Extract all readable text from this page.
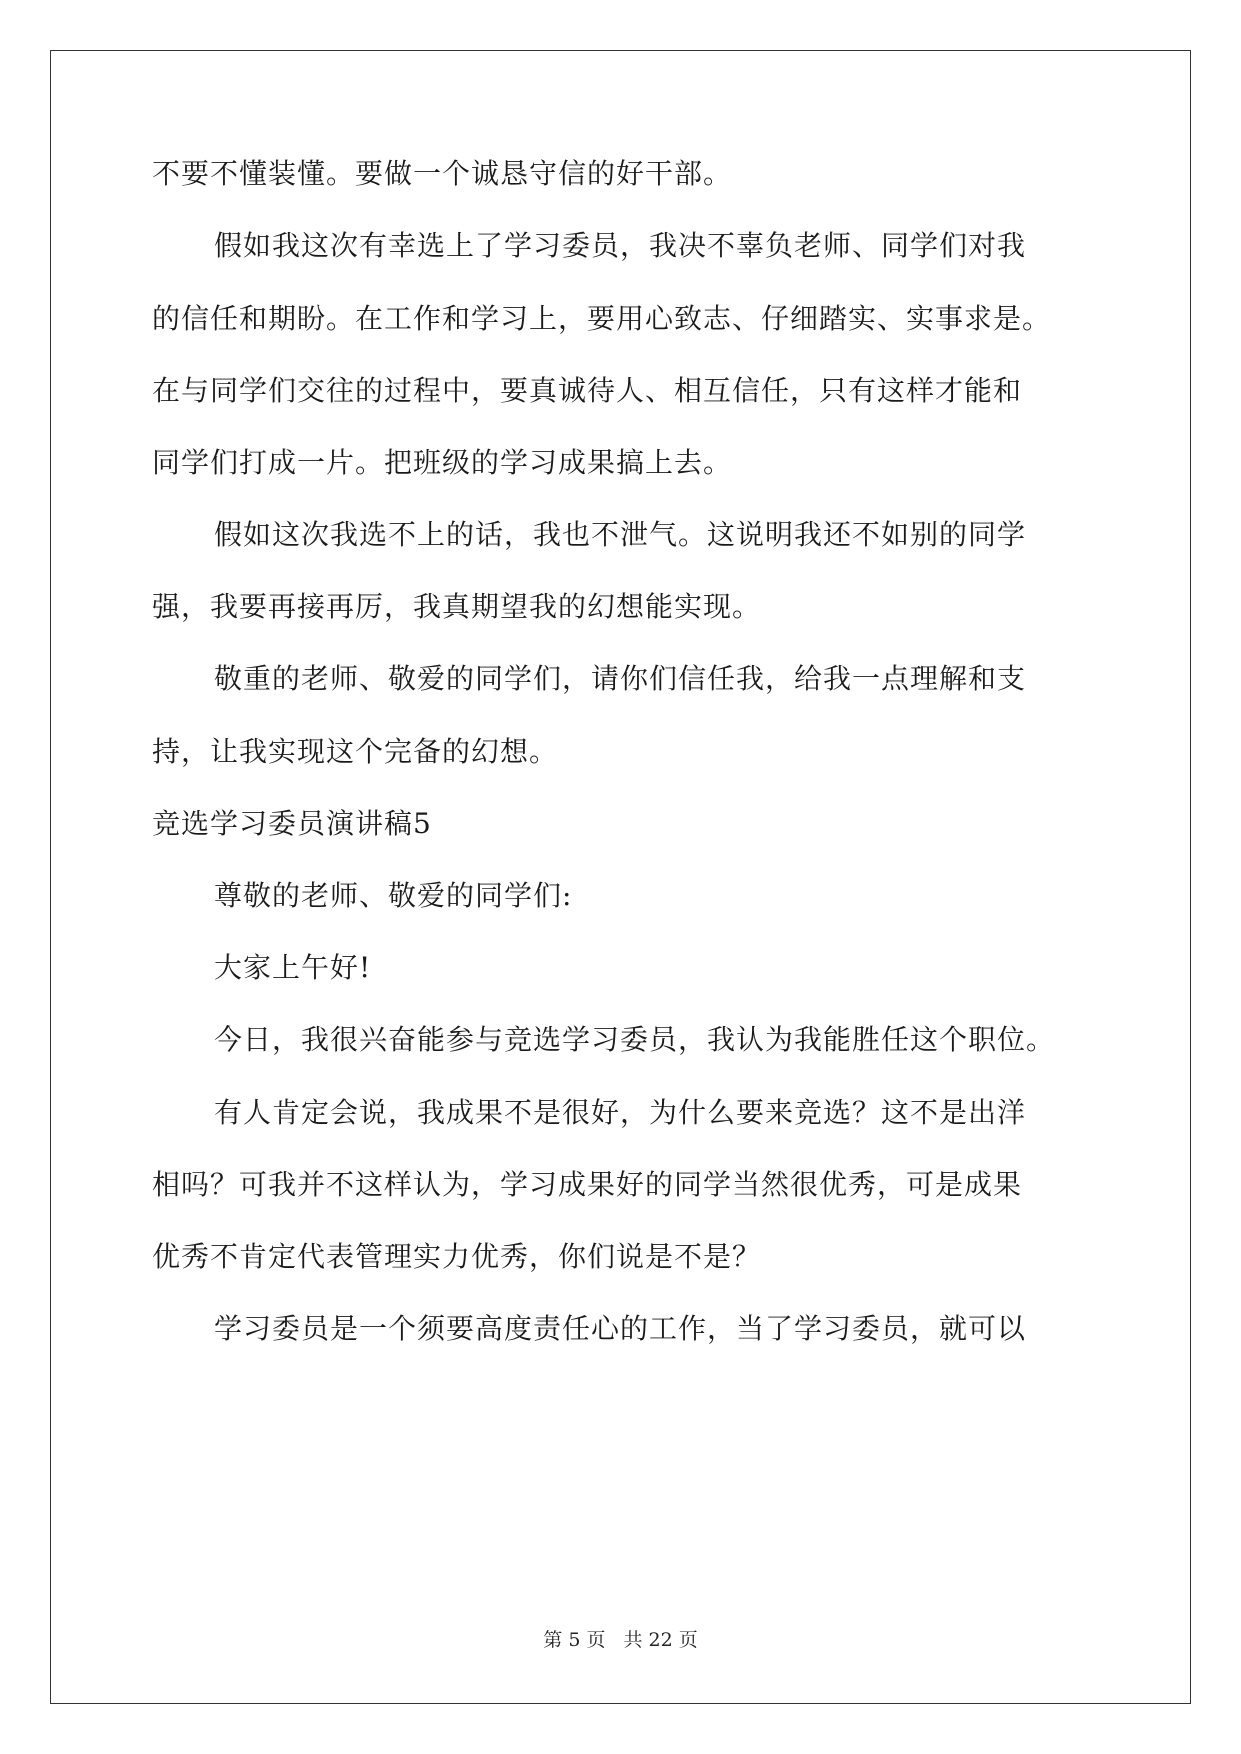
不要不懂装懂。要做一个诚恳守信的好干部。
假如我这次有幸选上了学习委员，我决不辜负老师、同学们对我
的信任和期盼。在工作和学习上，要用心致志、仔细踏实、实事求是。
在与同学们交往的过程中，要真诚待人、相互信任，只有这样才能和
同学们打成一片。把班级的学习成果搞上去。
假如这次我选不上的话，我也不泄气。这说明我还不如别的同学
强，我要再接再厉，我真期望我的幻想能实现。
敬重的老师、敬爱的同学们，请你们信任我，给我一点理解和支
持，让我实现这个完备的幻想。
竞选学习委员演讲稿5
尊敬的老师、敬爱的同学们:
大家上午好!
今日，我很兴奋能参与竞选学习委员，我认为我能胜任这个职位。
有人肯定会说，我成果不是很好，为什么要来竞选？这不是出洋
相吗？可我并不这样认为，学习成果好的同学当然很优秀，可是成果
优秀不肯定代表管理实力优秀，你们说是不是？
学习委员是一个须要高度责任心的工作，当了学习委员，就可以
第 5 页 共 22 页
